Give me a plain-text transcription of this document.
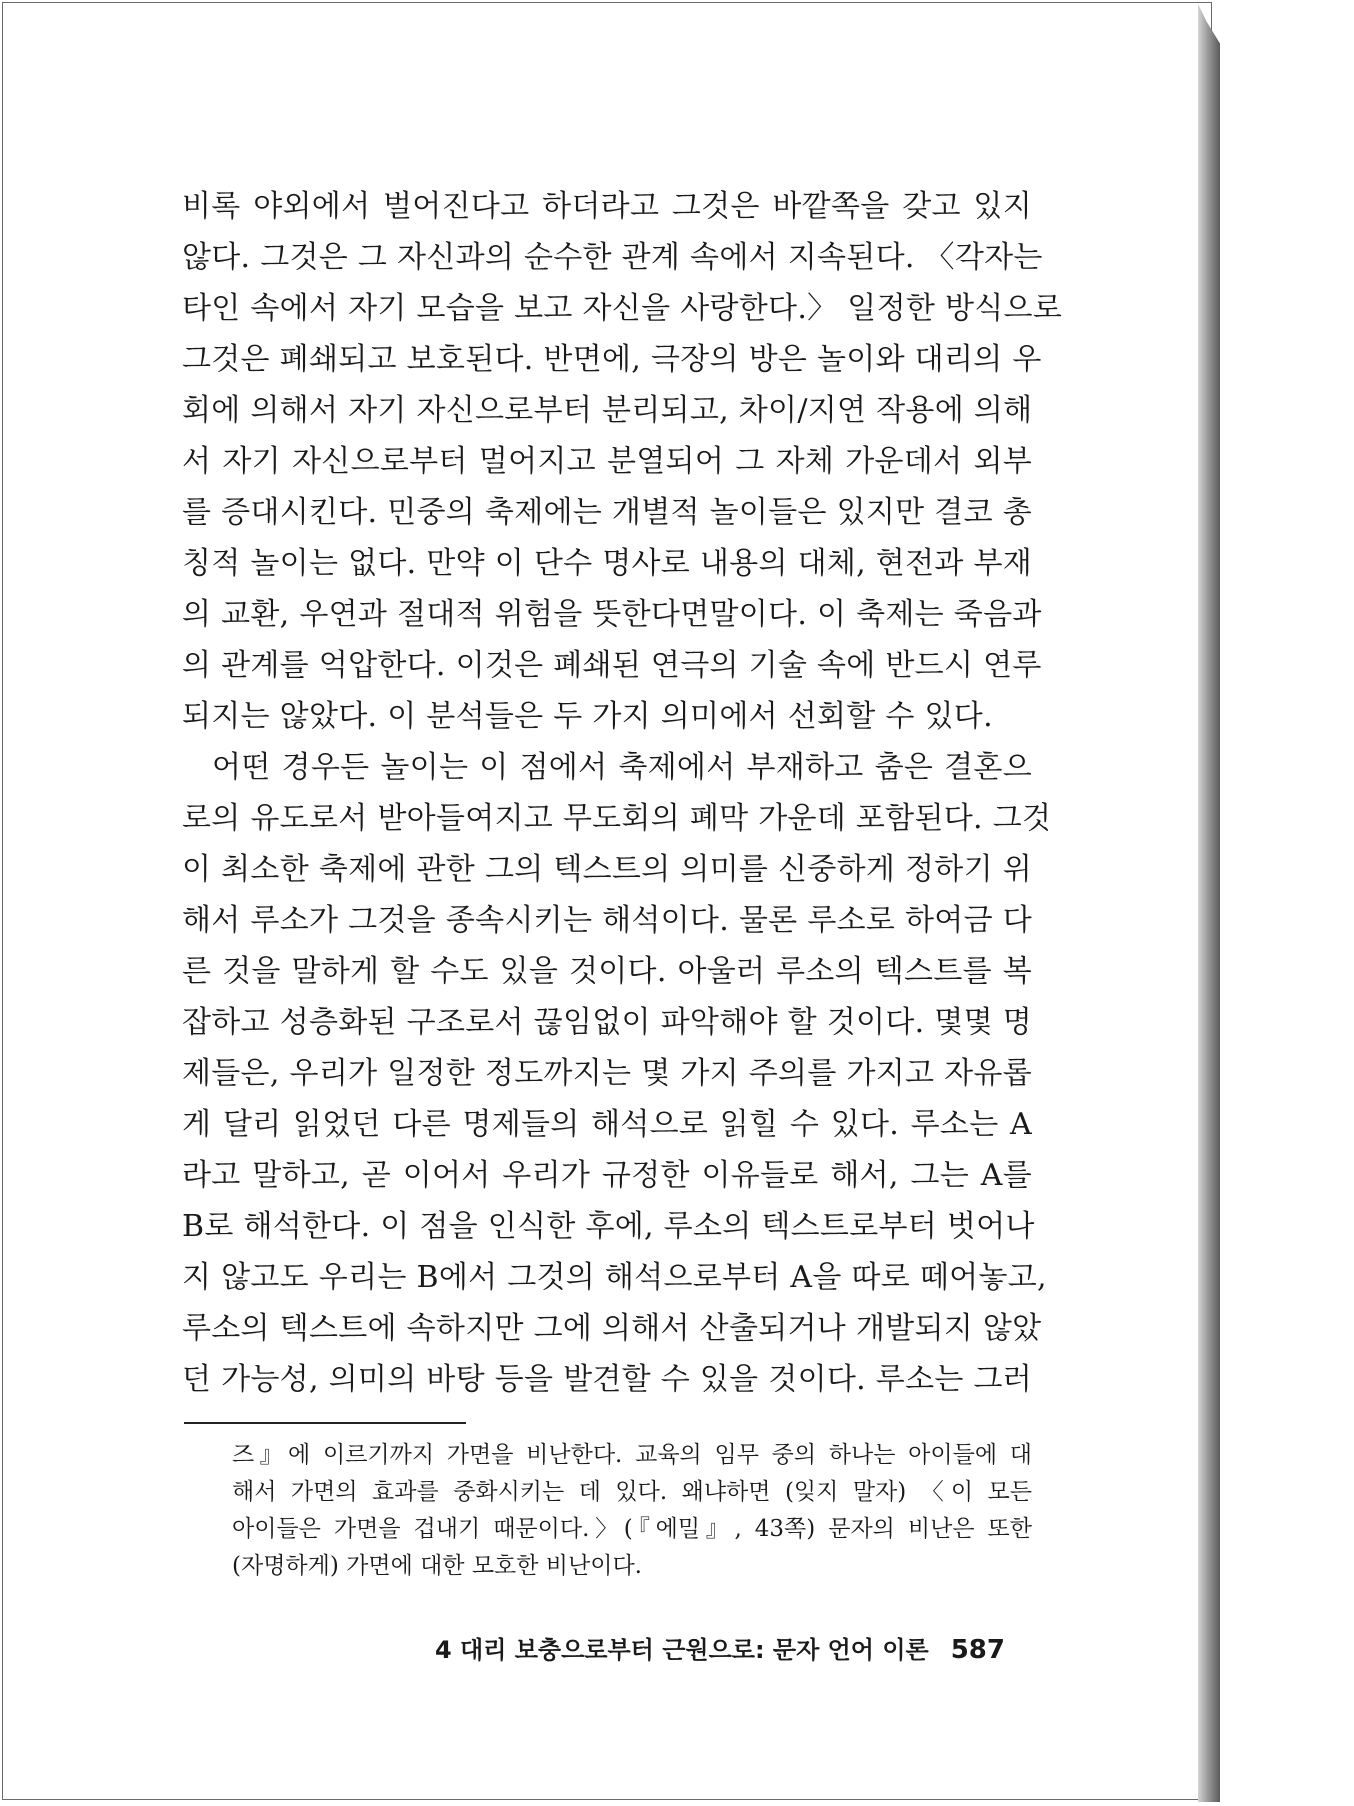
비록 야외에서 벌어진다고 하더라고 그것은 바깥쪽을 갖고 있지
않다. 그것은 그 자신과의 순수한 관계 속에서 지속된다. 〈각자는
타인 속에서 자기 모습을 보고 자신을 사랑한다.〉 일정한 방식으로
그것은 폐쇄되고 보호된다. 반면에, 극장의 방은 놀이와 대리의 우
회에 의해서 자기 자신으로부터 분리되고, 차이/지연 작용에 의해
서 자기 자신으로부터 멀어지고 분열되어 그 자체 가운데서 외부
를 증대시킨다. 민중의 축제에는 개별적 놀이들은 있지만 결코 총
칭적 놀이는 없다. 만약 이 단수 명사로 내용의 대체, 현전과 부재
의 교환, 우연과 절대적 위험을 뜻한다면말이다. 이 축제는 죽음과
의 관계를 억압한다. 이것은 폐쇄된 연극의 기술 속에 반드시 연루
되지는 않았다. 이 분석들은 두 가지 의미에서 선회할 수 있다.
어떤 경우든 놀이는 이 점에서 축제에서 부재하고 춤은 결혼으
로의 유도로서 받아들여지고 무도회의 폐막 가운데 포함된다. 그것
이 최소한 축제에 관한 그의 텍스트의 의미를 신중하게 정하기 위
해서 루소가 그것을 종속시키는 해석이다. 물론 루소로 하여금 다
른 것을 말하게 할 수도 있을 것이다. 아울러 루소의 텍스트를 복
잡하고 성층화된 구조로서 끊임없이 파악해야 할 것이다. 몇몇 명
제들은, 우리가 일정한 정도까지는 몇 가지 주의를 가지고 자유롭
게 달리 읽었던 다른 명제들의 해석으로 읽힐 수 있다. 루소는 A
라고 말하고, 곧 이어서 우리가 규정한 이유들로 해서, 그는 A를
B로 해석한다. 이 점을 인식한 후에, 루소의 텍스트로부터 벗어나
지 않고도 우리는 B에서 그것의 해석으로부터 A을 따로 떼어놓고,
루소의 텍스트에 속하지만 그에 의해서 산출되거나 개발되지 않았
던 가능성, 의미의 바탕 등을 발견할 수 있을 것이다. 루소는 그러
즈』에 이르기까지 가면을 비난한다. 교육의 임무 중의 하나는 아이들에 대
해서 가면의 효과를 중화시키는 데 있다. 왜냐하면 (잊지 말자) 〈이 모든
아이들은 가면을 겁내기 때문이다.〉(『에밀』, 43쪽) 문자의 비난은 또한
(자명하게) 가면에 대한 모호한 비난이다.
4 대리 보충으로부터 근원으로: 문자 언어 이론 587
